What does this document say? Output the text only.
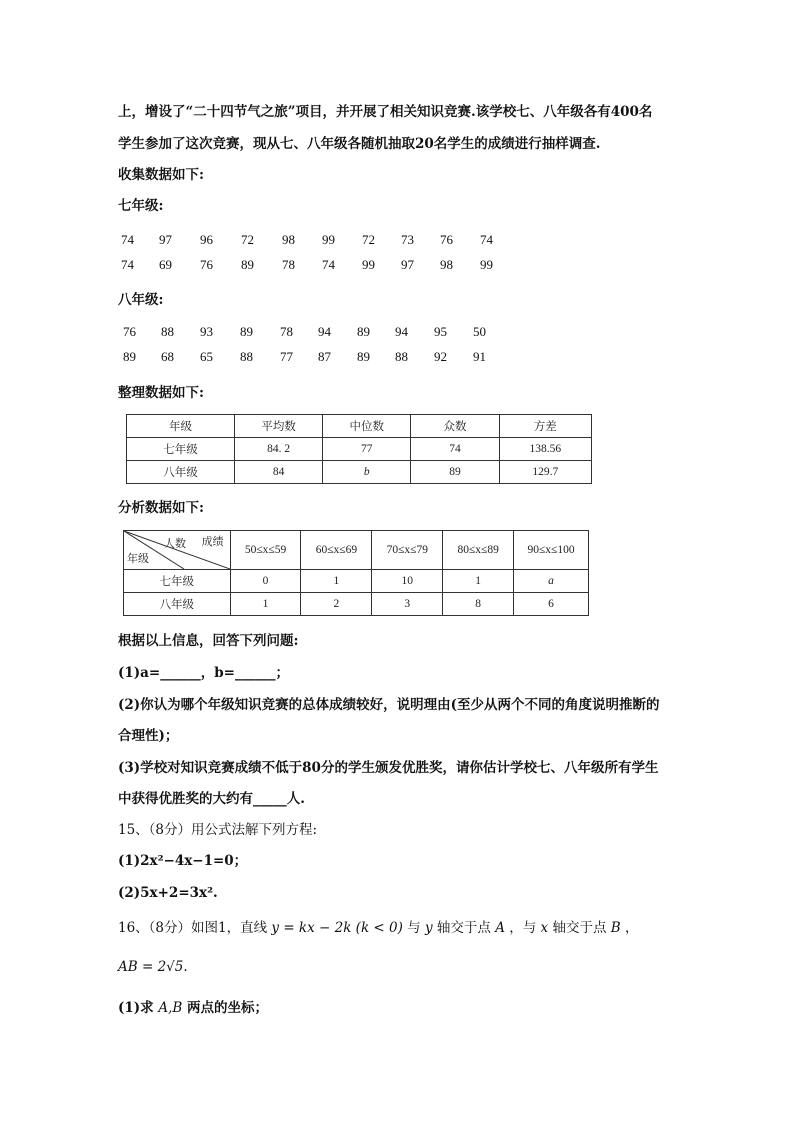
上，增设了“二十四节气之旅”项目，并开展了相关知识竞赛.该学校七、八年级各有400名
学生参加了这次竞赛，现从七、八年级各随机抽取20名学生的成绩进行抽样调查.
收集数据如下:
七年级:
74	97	96	72	98	99	72	73	76	74
74	69	76	89	78	74	99	97	98	99
八年级:
76	88	93	89	78	94	89	94	95	50
89	68	65	88	77	87	89	88	92	91
整理数据如下:
年级	平均数	中位数	众数	方差
七年级	84. 2	77	74	138.56
八年级	84	b	89	129.7
分析数据如下:
成绩
人数
年级	50≤x≤59	60≤x≤69	70≤x≤79	80≤x≤89	90≤x≤100
七年级	0	1	10	1	a
八年级	1	2	3	8	6
根据以上信息，回答下列问题:
(1)a=______，b=______；
(2)你认为哪个年级知识竞赛的总体成绩较好，说明理由(至少从两个不同的角度说明推断的
合理性)；
(3)学校对知识竞赛成绩不低于80分的学生颁发优胜奖，请你估计学校七、八年级所有学生
中获得优胜奖的大约有_____人.
15、（8分）用公式法解下列方程:
(1)2x²−4x−1=0；
(2)5x+2=3x².
16、（8分）如图1，直线 y = kx − 2k (k < 0) 与 y 轴交于点 A ，与 x 轴交于点 B ，
AB = 2√5.
(1)求 A,B 两点的坐标；
